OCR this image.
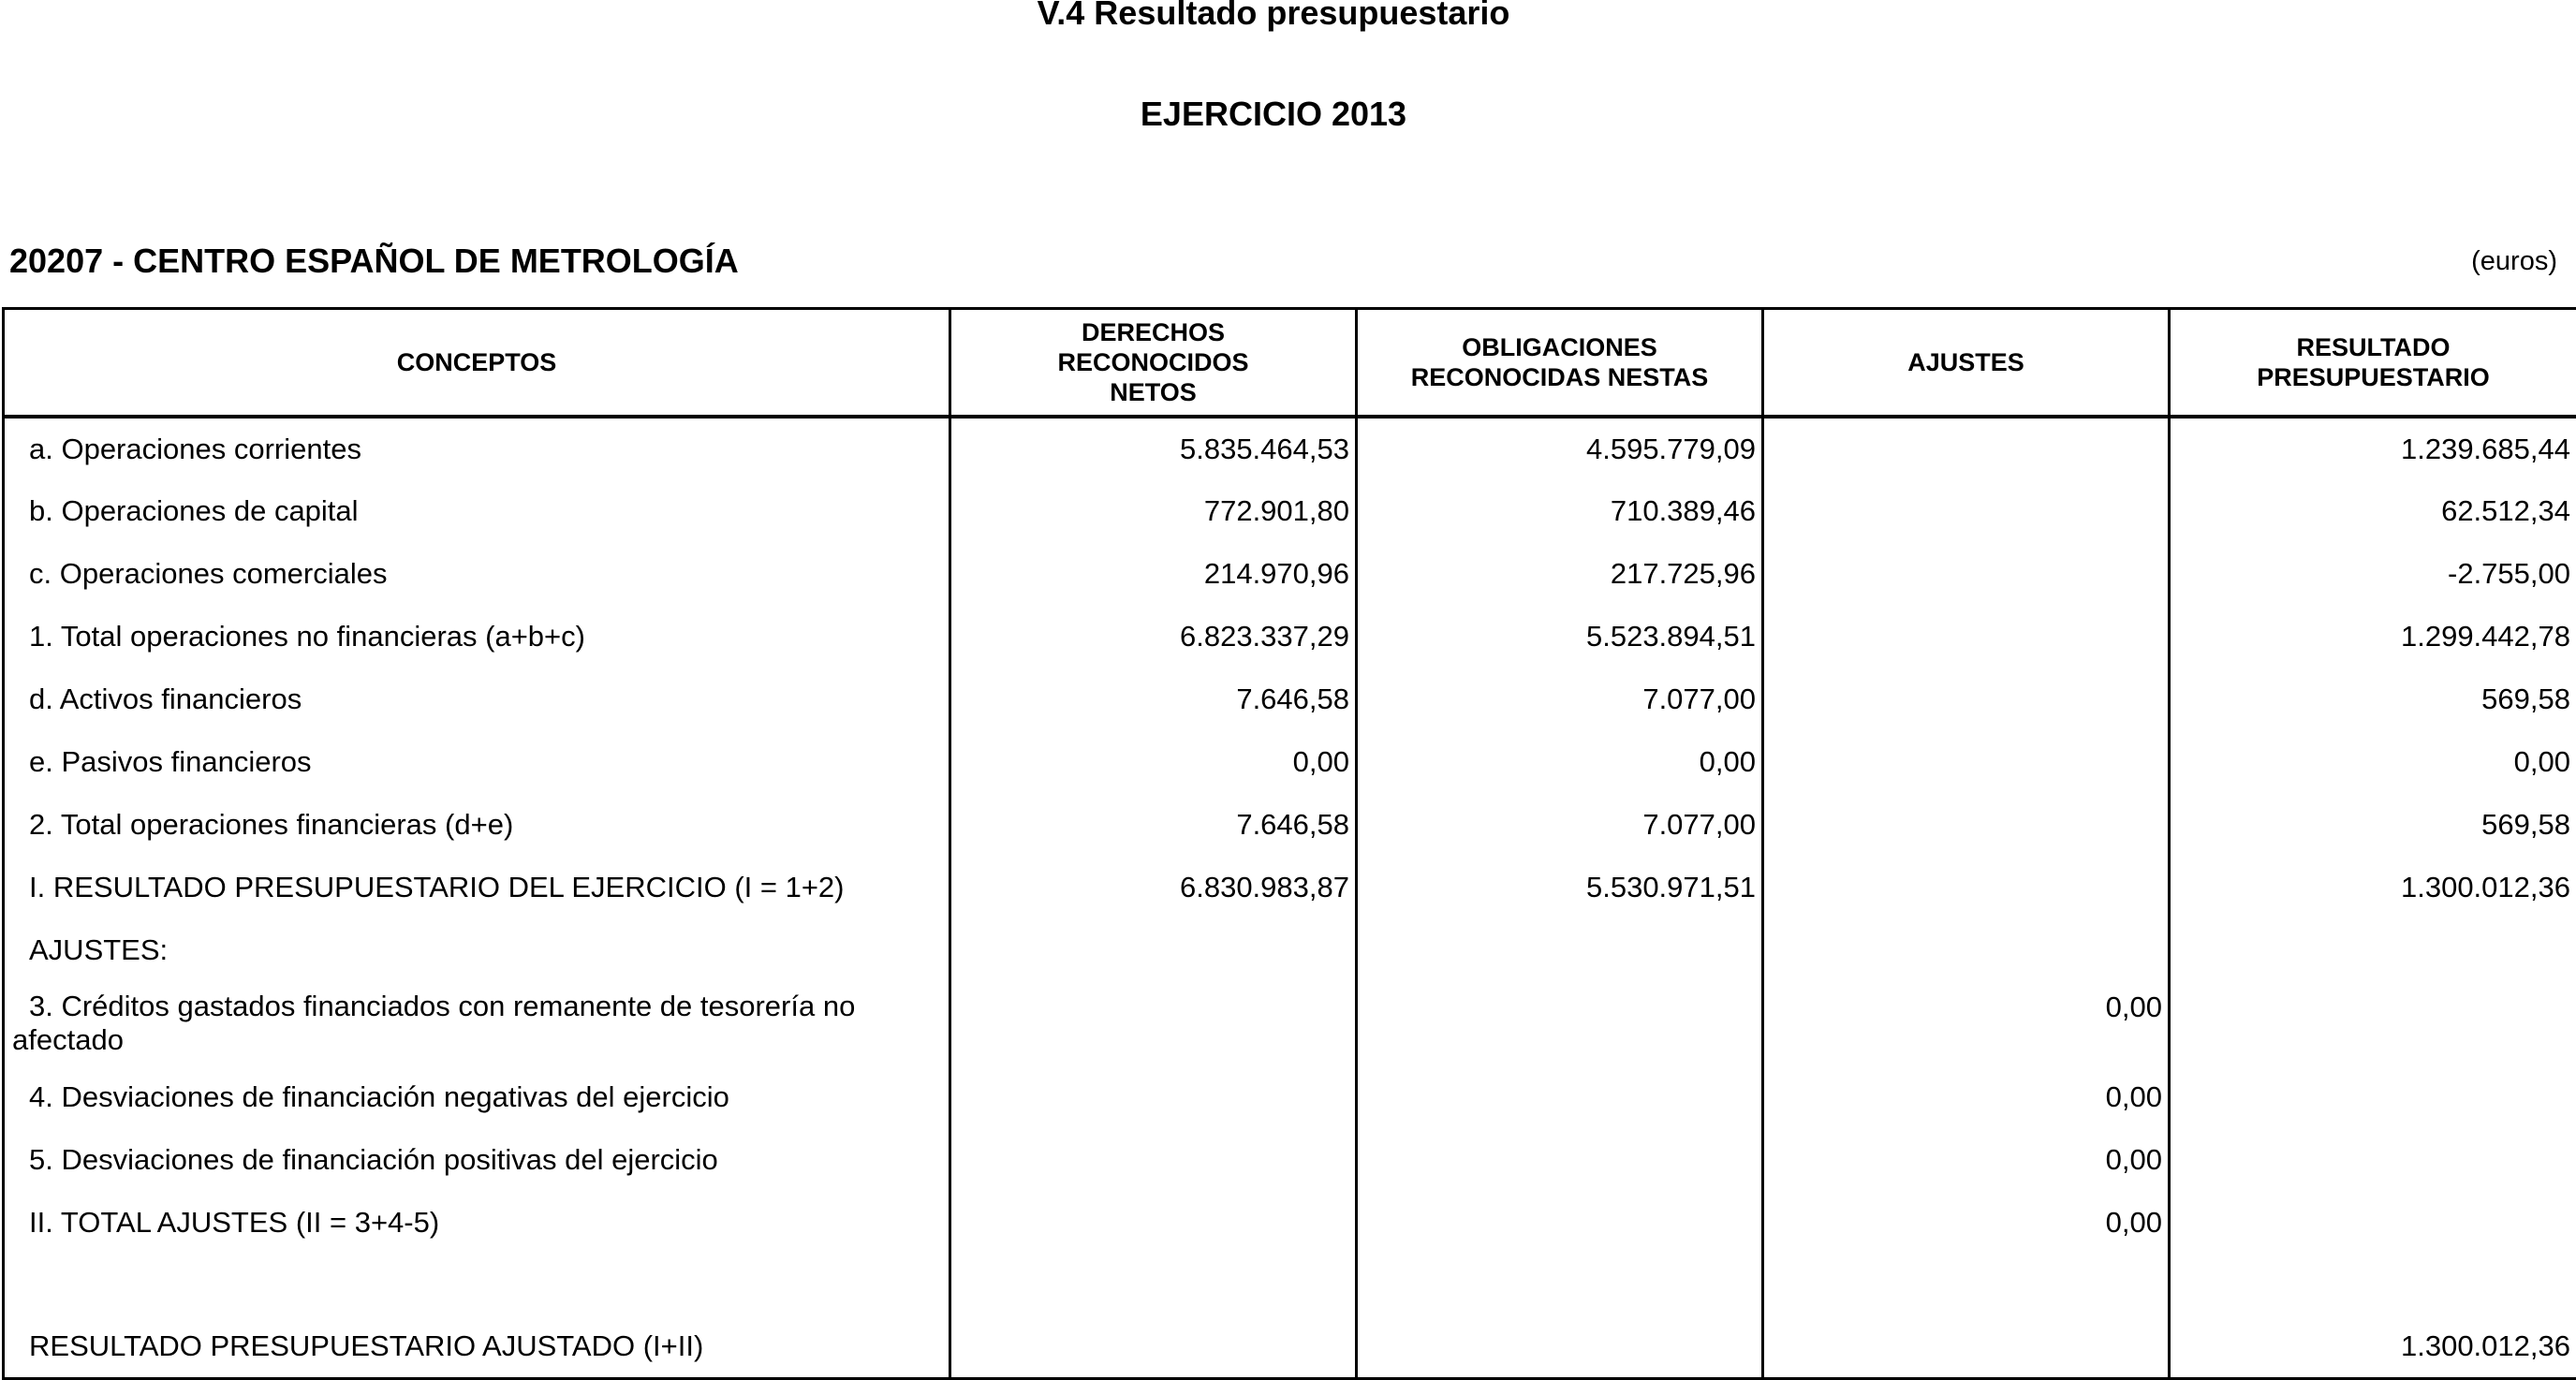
V.4 Resultado presupuestario
EJERCICIO 2013
20207 - CENTRO ESPAÑOL DE METROLOGÍA	(euros)
CONCEPTOS	DERECHOS RECONOCIDOS NETOS	OBLIGACIONES RECONOCIDAS NESTAS	AJUSTES	RESULTADO PRESUPUESTARIO

a. Operaciones corrientes	5.835.464,53	4.595.779,09		1.239.685,44
b. Operaciones de capital	772.901,80	710.389,46		62.512,34
c. Operaciones comerciales	214.970,96	217.725,96		-2.755,00
1. Total operaciones no financieras (a+b+c)	6.823.337,29	5.523.894,51		1.299.442,78
d. Activos financieros	7.646,58	7.077,00		569,58
e. Pasivos financieros	0,00	0,00		0,00
2. Total operaciones financieras (d+e)	7.646,58	7.077,00		569,58
I. RESULTADO PRESUPUESTARIO DEL EJERCICIO (I = 1+2)	6.830.983,87	5.530.971,51		1.300.012,36
AJUSTES:				
3. Créditos gastados financiados con remanente de tesorería no afectado			0,00	
4. Desviaciones de financiación negativas del ejercicio			0,00	
5. Desviaciones de financiación positivas del ejercicio			0,00	
II. TOTAL AJUSTES (II = 3+4-5)			0,00	

RESULTADO PRESUPUESTARIO AJUSTADO (I+II)				1.300.012,36
